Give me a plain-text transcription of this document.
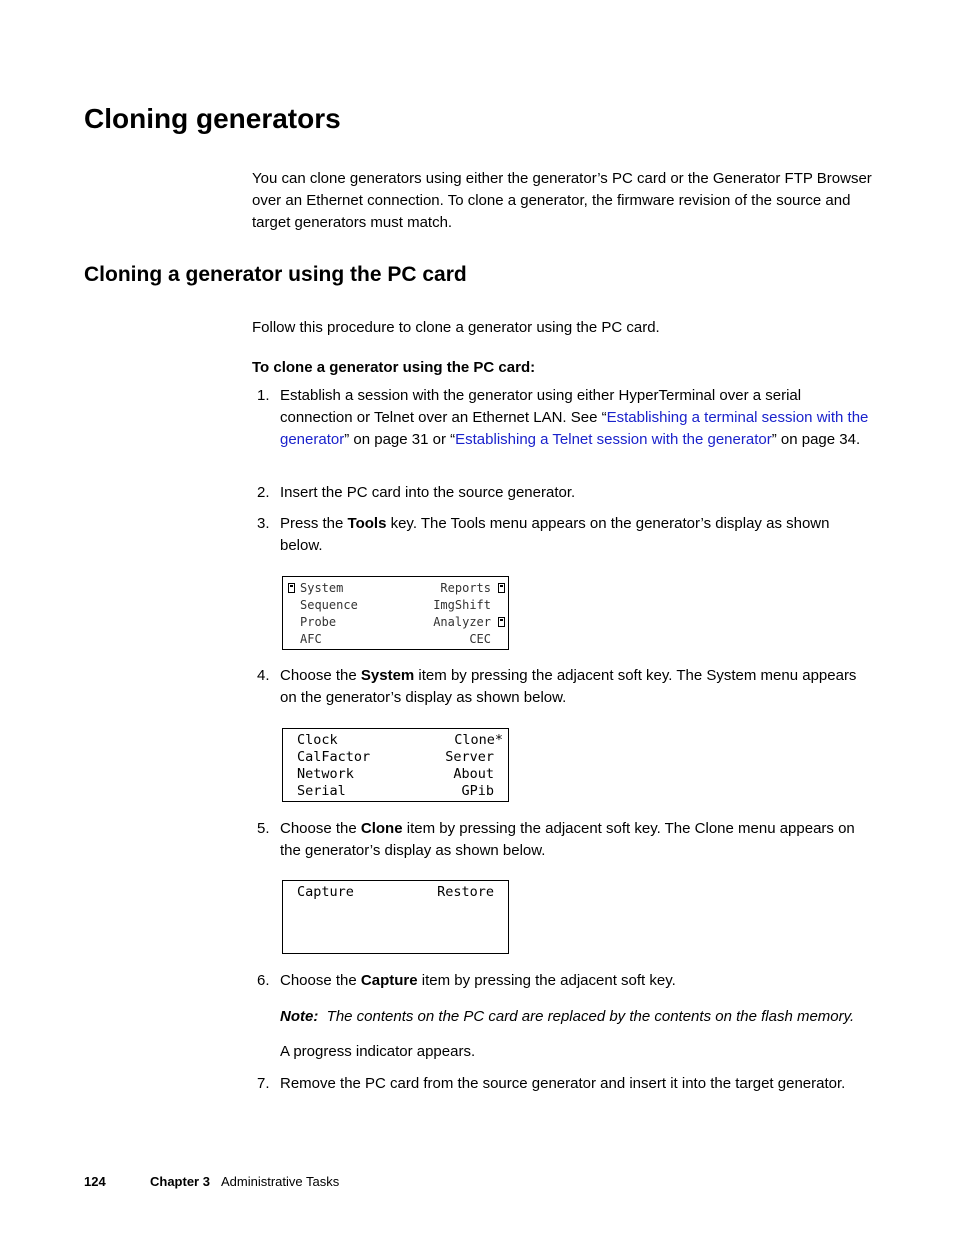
Cloning generators

You can clone generators using either the generator’s PC card or the Generator FTP Browser over an Ethernet connection. To clone a generator, the firmware revision of the source and target generators must match.

Cloning a generator using the PC card

Follow this procedure to clone a generator using the PC card.

To clone a generator using the PC card:

1. Establish a session with the generator using either HyperTerminal over a serial connection or Telnet over an Ethernet LAN. See “Establishing a terminal session with the generator” on page 31 or “Establishing a Telnet session with the generator” on page 34.
2. Insert the PC card into the source generator.
3. Press the Tools key. The Tools menu appears on the generator’s display as shown below.
System	Reports
Sequence	ImgShift
Probe	Analyzer
AFC	CEC
4. Choose the System item by pressing the adjacent soft key. The System menu appears on the generator’s display as shown below.
Clock	Clone*
CalFactor	Server
Network	About
Serial	GPib
5. Choose the Clone item by pressing the adjacent soft key. The Clone menu appears on the generator’s display as shown below.
Capture	Restore
6. Choose the Capture item by pressing the adjacent soft key.

Note: The contents on the PC card are replaced by the contents on the flash memory.

A progress indicator appears.

7. Remove the PC card from the source generator and insert it into the target generator.
124	Chapter 3 Administrative Tasks
